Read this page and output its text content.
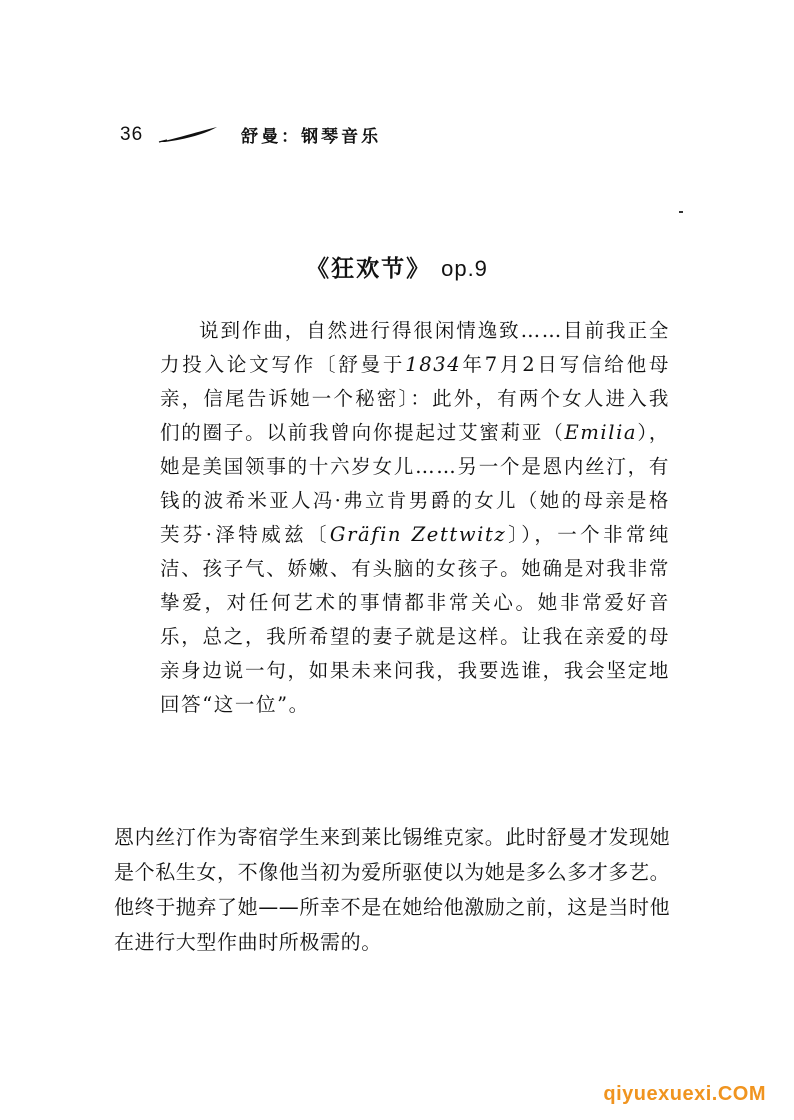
36	舒曼：钢琴音乐
《狂欢节》 op.9

说到作曲，自然进行得很闲情逸致……目前我正全力投入论文写作〔舒曼于1834年7月2日写信给他母亲，信尾告诉她一个秘密〕：此外，有两个女人进入我们的圈子。以前我曾向你提起过艾蜜莉亚（Emilia），她是美国领事的十六岁女儿……另一个是恩内丝汀，有钱的波希米亚人冯·弗立肯男爵的女儿（她的母亲是格芙芬·泽特威兹〔Gräfin Zettwitz〕），一个非常纯洁、孩子气、娇嫩、有头脑的女孩子。她确是对我非常挚爱，对任何艺术的事情都非常关心。她非常爱好音乐，总之，我所希望的妻子就是这样。让我在亲爱的母亲身边说一句，如果未来问我，我要选谁，我会坚定地回答“这一位”。

恩内丝汀作为寄宿学生来到莱比锡维克家。此时舒曼才发现她是个私生女，不像他当初为爱所驱使以为她是多么多才多艺。他终于抛弃了她——所幸不是在她给他激励之前，这是当时他在进行大型作曲时所极需的。

qiyuexuexi.COM
